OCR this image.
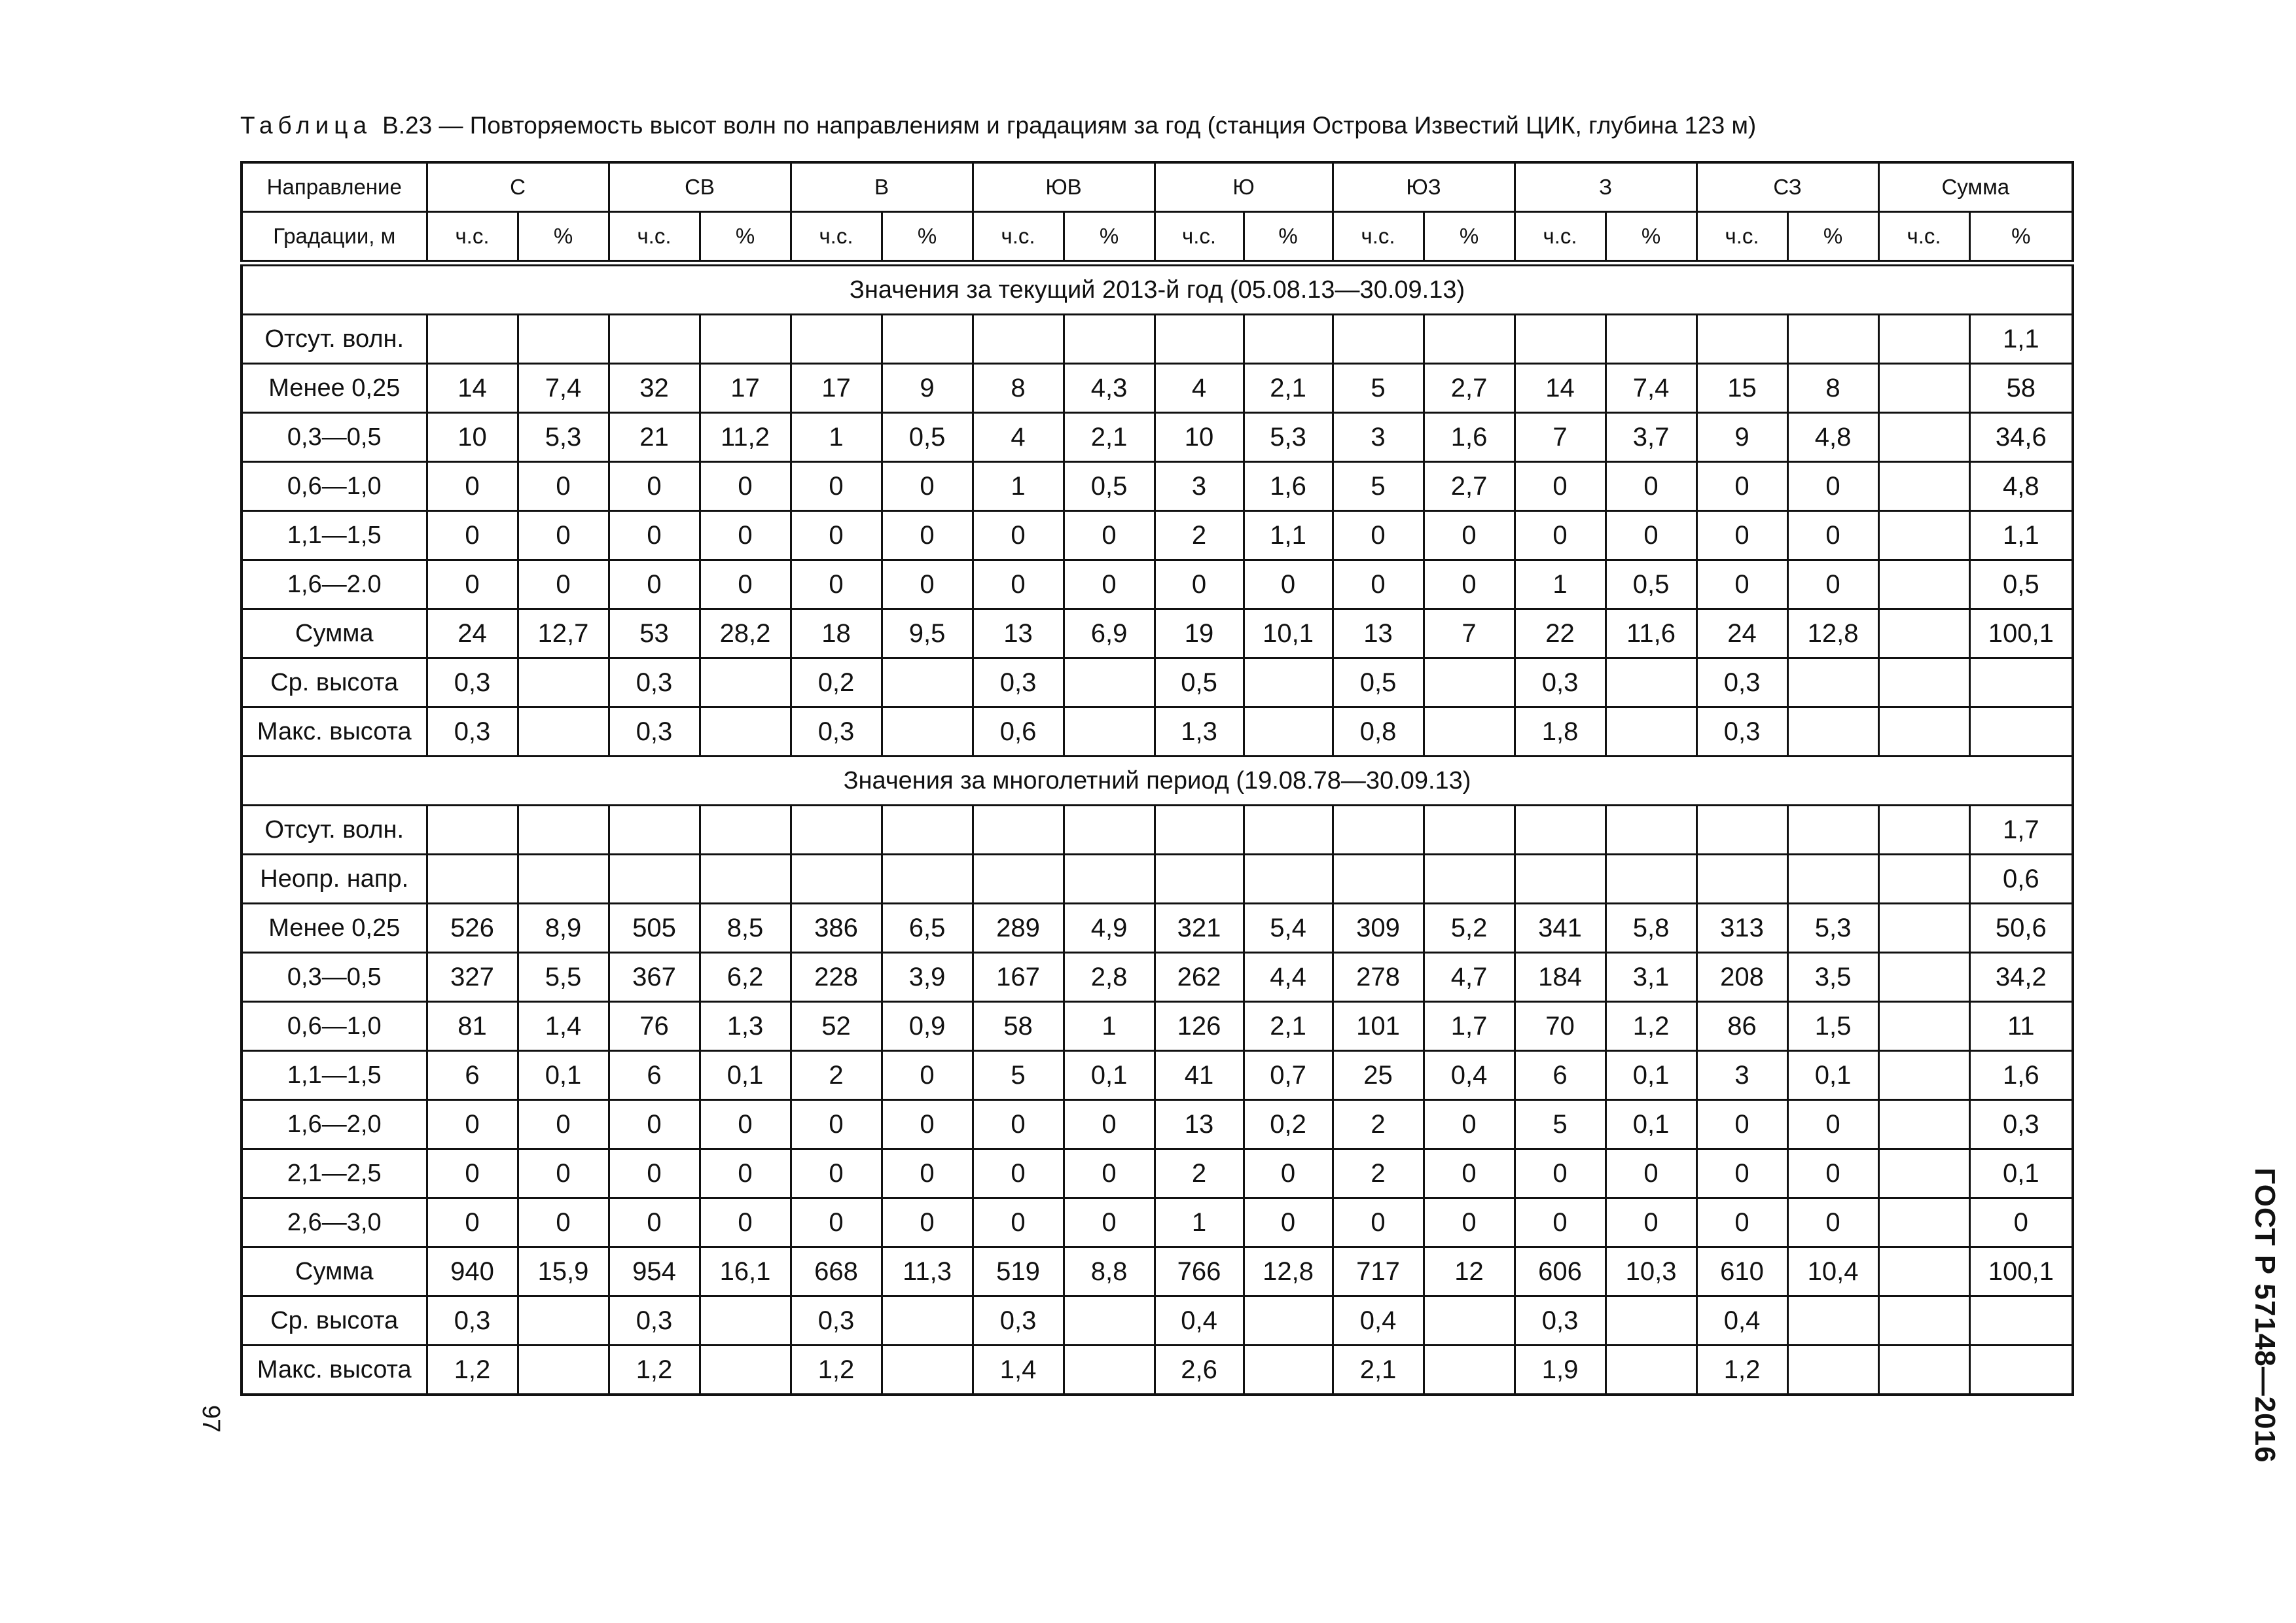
Таблица В.23 — Повторяемость высот волн по направлениям и градациям за год (станция Острова Известий ЦИК, глубина 123 м)
Направление	С		СВ		В		ЮВ		Ю		ЮЗ		З		СЗ		Сумма	
Градации, м	ч.с.	%	ч.с.	%	ч.с.	%	ч.с.	%	ч.с.	%	ч.с.	%	ч.с.	%	ч.с.	%	ч.с.	%
Значения за текущий 2013-й год (05.08.13—30.09.13)																		
Отсут. волн.																		1,1
Менее 0,25	14	7,4	32	17	17	9	8	4,3	4	2,1	5	2,7	14	7,4	15	8		58
0,3—0,5	10	5,3	21	11,2	1	0,5	4	2,1	10	5,3	3	1,6	7	3,7	9	4,8		34,6
0,6—1,0	0	0	0	0	0	0	1	0,5	3	1,6	5	2,7	0	0	0	0		4,8
1,1—1,5	0	0	0	0	0	0	0	0	2	1,1	0	0	0	0	0	0		1,1
1,6—2.0	0	0	0	0	0	0	0	0	0	0	0	0	1	0,5	0	0		0,5
Сумма	24	12,7	53	28,2	18	9,5	13	6,9	19	10,1	13	7	22	11,6	24	12,8		100,1
Ср. высота	0,3		0,3		0,2		0,3		0,5		0,5		0,3		0,3			
Макс. высота	0,3		0,3		0,3		0,6		1,3		0,8		1,8		0,3			
Значения за многолетний период (19.08.78—30.09.13)																		
Отсут. волн.																		1,7
Неопр. напр.																		0,6
Менее 0,25	526	8,9	505	8,5	386	6,5	289	4,9	321	5,4	309	5,2	341	5,8	313	5,3		50,6
0,3—0,5	327	5,5	367	6,2	228	3,9	167	2,8	262	4,4	278	4,7	184	3,1	208	3,5		34,2
0,6—1,0	81	1,4	76	1,3	52	0,9	58	1	126	2,1	101	1,7	70	1,2	86	1,5		11
1,1—1,5	6	0,1	6	0,1	2	0	5	0,1	41	0,7	25	0,4	6	0,1	3	0,1		1,6
1,6—2,0	0	0	0	0	0	0	0	0	13	0,2	2	0	5	0,1	0	0		0,3
2,1—2,5	0	0	0	0	0	0	0	0	2	0	2	0	0	0	0	0		0,1
2,6—3,0	0	0	0	0	0	0	0	0	1	0	0	0	0	0	0	0		0
Сумма	940	15,9	954	16,1	668	11,3	519	8,8	766	12,8	717	12	606	10,3	610	10,4		100,1
Ср. высота	0,3		0,3		0,3		0,3		0,4		0,4		0,3		0,4			
Макс. высота	1,2		1,2		1,2		1,4		2,6		2,1		1,9		1,2			
97	ГОСТ Р 57148—2016
